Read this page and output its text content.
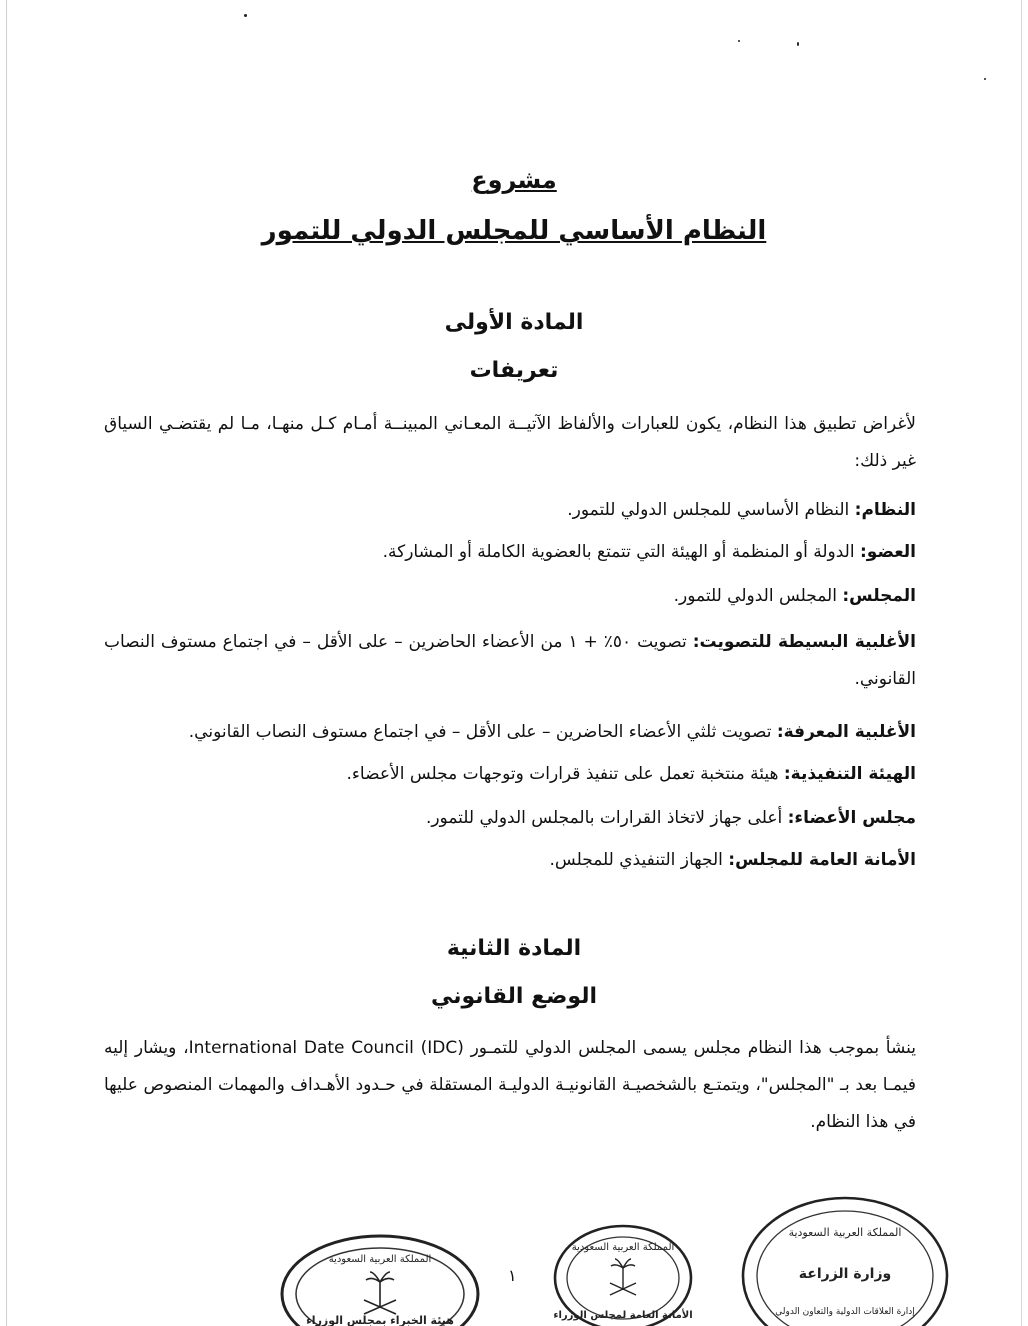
مشروع
النظام الأساسي للمجلس الدولي للتمور
المادة الأولى
تعريفات

لأغراض تطبيق هذا النظام، يكون للعبارات والألفاظ الآتيــة المعـاني المبينــة أمـام كـل منهـا، مـا لم يقتضـي السياق غير ذلك:

النظام: النظام الأساسي للمجلس الدولي للتمور.

العضو: الدولة أو المنظمة أو الهيئة التي تتمتع بالعضوية الكاملة أو المشاركة.

المجلس: المجلس الدولي للتمور.

الأغلبية البسيطة للتصويت: تصويت ٥٠٪ + ١ من الأعضاء الحاضرين – على الأقل – في اجتماع مستوف النصاب القانوني.

الأغلبية المعرفة: تصويت ثلثي الأعضاء الحاضرين – على الأقل – في اجتماع مستوف النصاب القانوني.

الهيئة التنفيذية: هيئة منتخبة تعمل على تنفيذ قرارات وتوجهات مجلس الأعضاء.

مجلس الأعضاء: أعلى جهاز لاتخاذ القرارات بالمجلس الدولي للتمور.

الأمانة العامة للمجلس: الجهاز التنفيذي للمجلس.

المادة الثانية
الوضع القانوني

ينشأ بموجب هذا النظام مجلس يسمى المجلس الدولي للتمـور International Date Council (IDC)، ويشار إليه فيمـا بعد بـ "المجلس"، ويتمتـع بالشخصيـة القانونيـة الدوليـة المستقلة في حـدود الأهـداف والمهمات المنصوص عليها في هذا النظام.

١
المملكة العربية السعودية
هيئة الخبراء بمجلس الوزراء
المملكة العربية السعودية
الأمانة العامة لمجلس الوزراء
المملكة العربية السعودية
وزارة الزراعة
إدارة العلاقات الدولية والتعاون الدولي
